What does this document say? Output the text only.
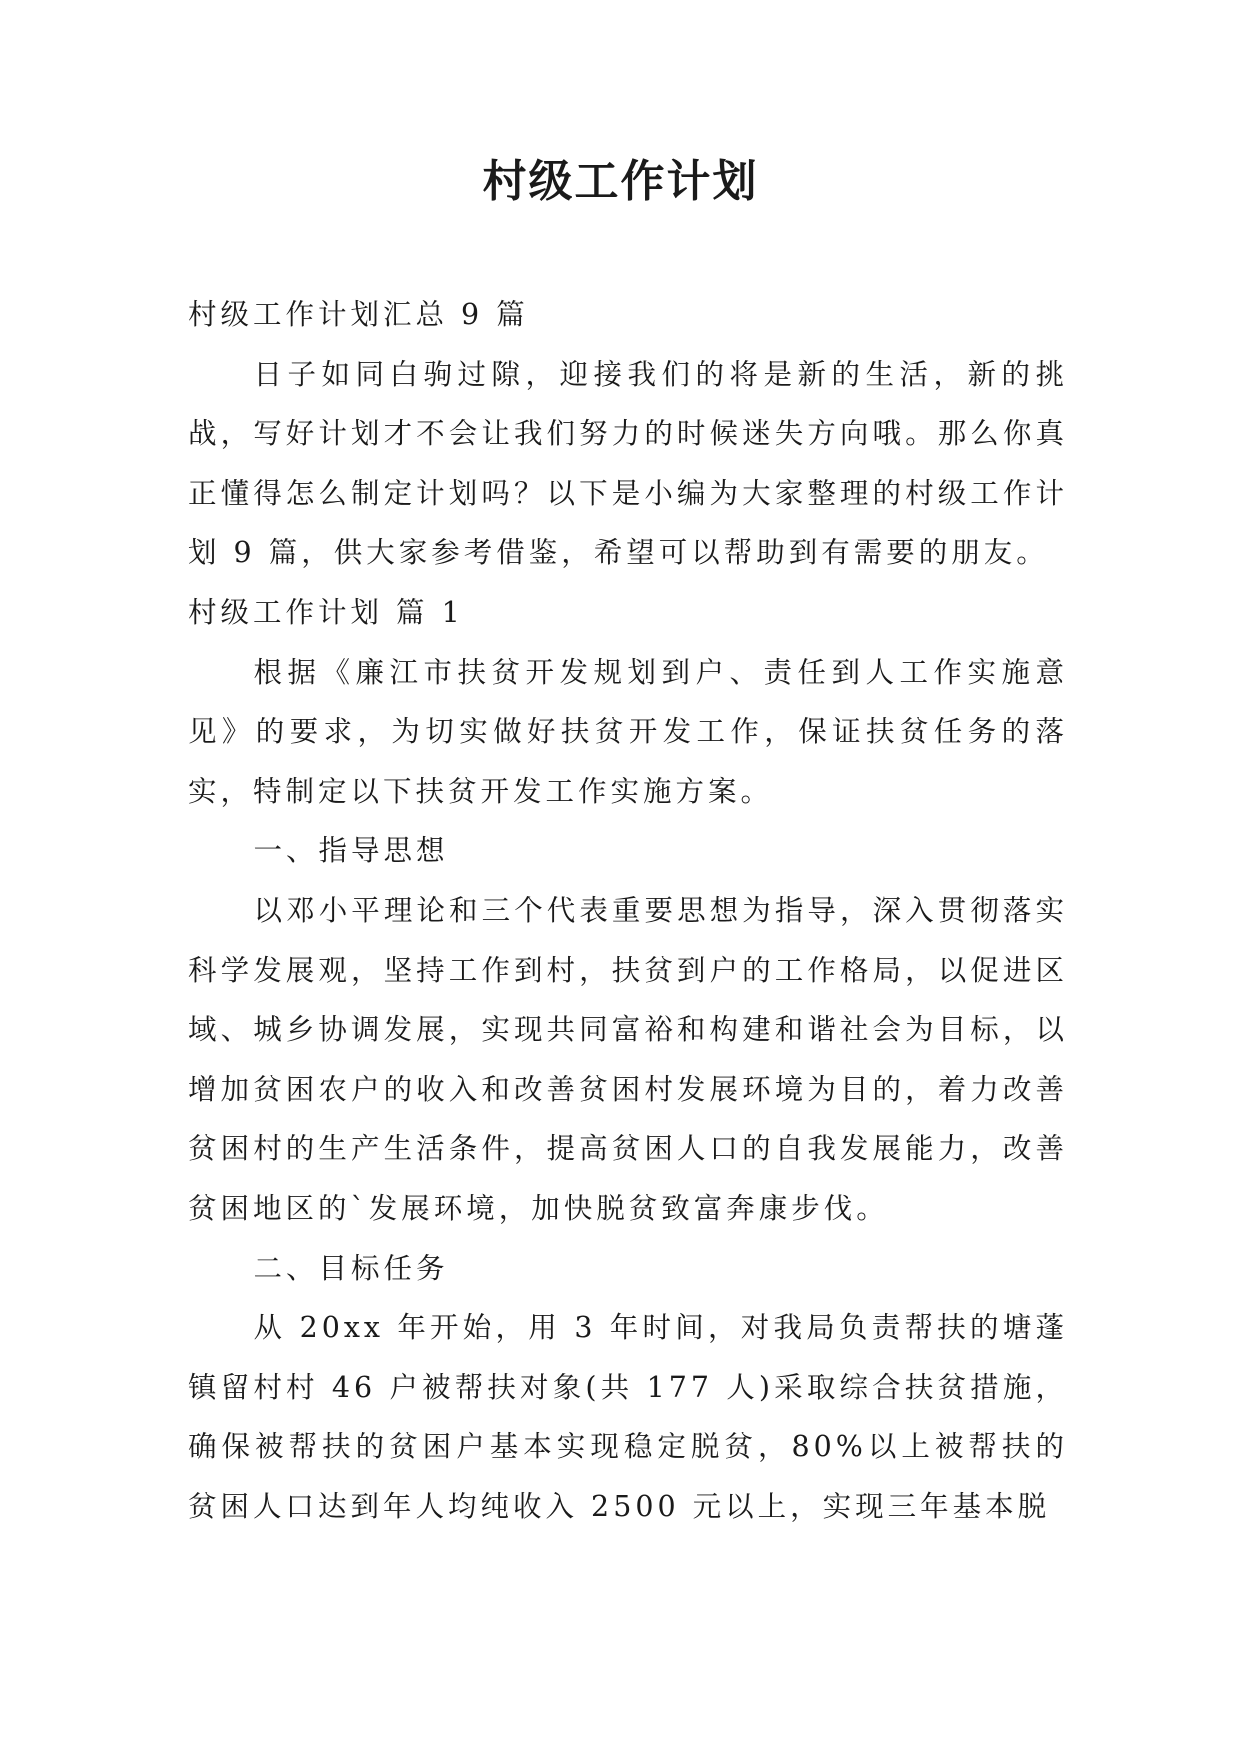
村级工作计划

村级工作计划汇总 9 篇

日子如同白驹过隙，迎接我们的将是新的生活，新的挑战，写好计划才不会让我们努力的时候迷失方向哦。那么你真正懂得怎么制定计划吗？以下是小编为大家整理的村级工作计划 9 篇，供大家参考借鉴，希望可以帮助到有需要的朋友。

村级工作计划 篇 1

根据《廉江市扶贫开发规划到户、责任到人工作实施意见》的要求，为切实做好扶贫开发工作，保证扶贫任务的落实，特制定以下扶贫开发工作实施方案。

一、指导思想

以邓小平理论和三个代表重要思想为指导，深入贯彻落实科学发展观，坚持工作到村，扶贫到户的工作格局，以促进区域、城乡协调发展，实现共同富裕和构建和谐社会为目标，以增加贫困农户的收入和改善贫困村发展环境为目的，着力改善贫困村的生产生活条件，提高贫困人口的自我发展能力，改善贫困地区的`发展环境，加快脱贫致富奔康步伐。

二、目标任务

从 20xx 年开始，用 3 年时间，对我局负责帮扶的塘蓬镇留村村 46 户被帮扶对象(共 177 人)采取综合扶贫措施，确保被帮扶的贫困户基本实现稳定脱贫，80%以上被帮扶的贫困人口达到年人均纯收入 2500 元以上，实现三年基本脱
